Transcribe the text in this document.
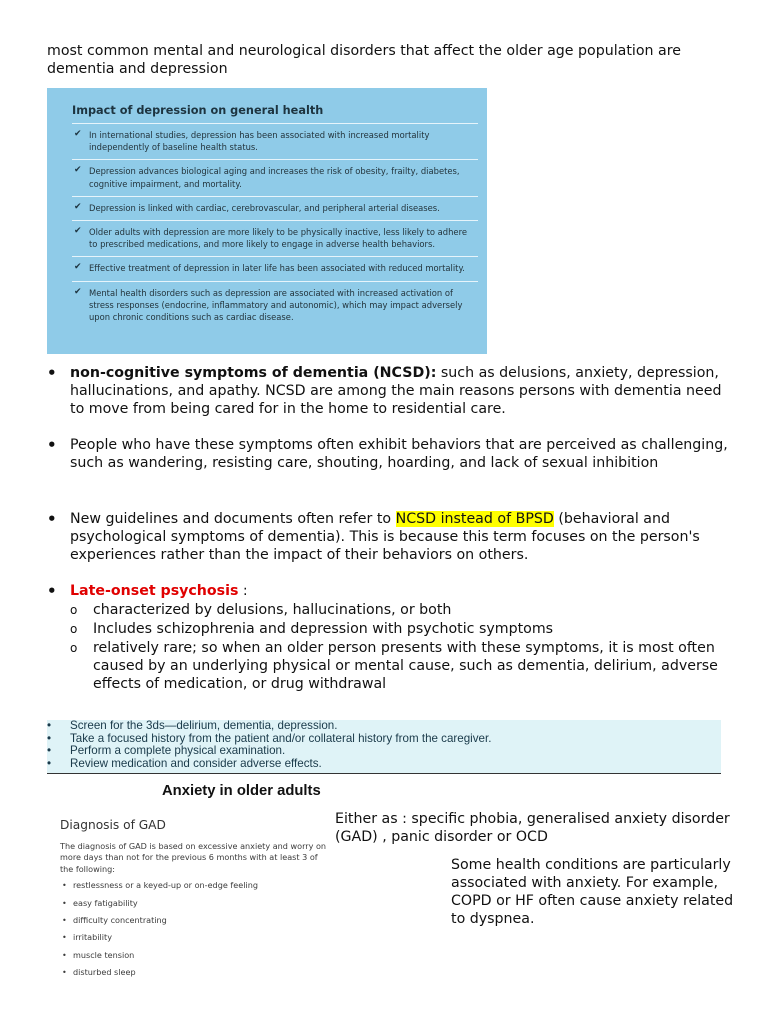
most common mental and neurological disorders that affect the older age population are dementia and depression
Impact of depression on general health
✔ In international studies, depression has been associated with increased mortality independently of baseline health status.
✔ Depression advances biological aging and increases the risk of obesity, frailty, diabetes, cognitive impairment, and mortality.
✔ Depression is linked with cardiac, cerebrovascular, and peripheral arterial diseases.
✔ Older adults with depression are more likely to be physically inactive, less likely to adhere to prescribed medications, and more likely to engage in adverse health behaviors.
✔ Effective treatment of depression in later life has been associated with reduced mortality.
✔ Mental health disorders such as depression are associated with increased activation of stress responses (endocrine, inflammatory and autonomic), which may impact adversely upon chronic conditions such as cardiac disease.
• non-cognitive symptoms of dementia (NCSD): such as delusions, anxiety, depression, hallucinations, and apathy. NCSD are among the main reasons persons with dementia need to move from being cared for in the home to residential care.
• People who have these symptoms often exhibit behaviors that are perceived as challenging, such as wandering, resisting care, shouting, hoarding, and lack of sexual inhibition
• New guidelines and documents often refer to NCSD instead of BPSD (behavioral and psychological symptoms of dementia). This is because this term focuses on the person's experiences rather than the impact of their behaviors on others.
• Late-onset psychosis :
o characterized by delusions, hallucinations, or both
o Includes schizophrenia and depression with psychotic symptoms
o relatively rare; so when an older person presents with these symptoms, it is most often caused by an underlying physical or mental cause, such as dementia, delirium, adverse effects of medication, or drug withdrawal
• Screen for the 3ds—delirium, dementia, depression.
• Take a focused history from the patient and/or collateral history from the caregiver.
• Perform a complete physical examination.
• Review medication and consider adverse effects.
Anxiety in older adults
Diagnosis of GAD
The diagnosis of GAD is based on excessive anxiety and worry on more days than not for the previous 6 months with at least 3 of the following:
• restlessness or a keyed-up or on-edge feeling
• easy fatigability
• difficulty concentrating
• irritability
• muscle tension
• disturbed sleep
Either as : specific phobia, generalised anxiety disorder (GAD) , panic disorder or OCD
Some health conditions are particularly associated with anxiety. For example, COPD or HF often cause anxiety related to dyspnea.
